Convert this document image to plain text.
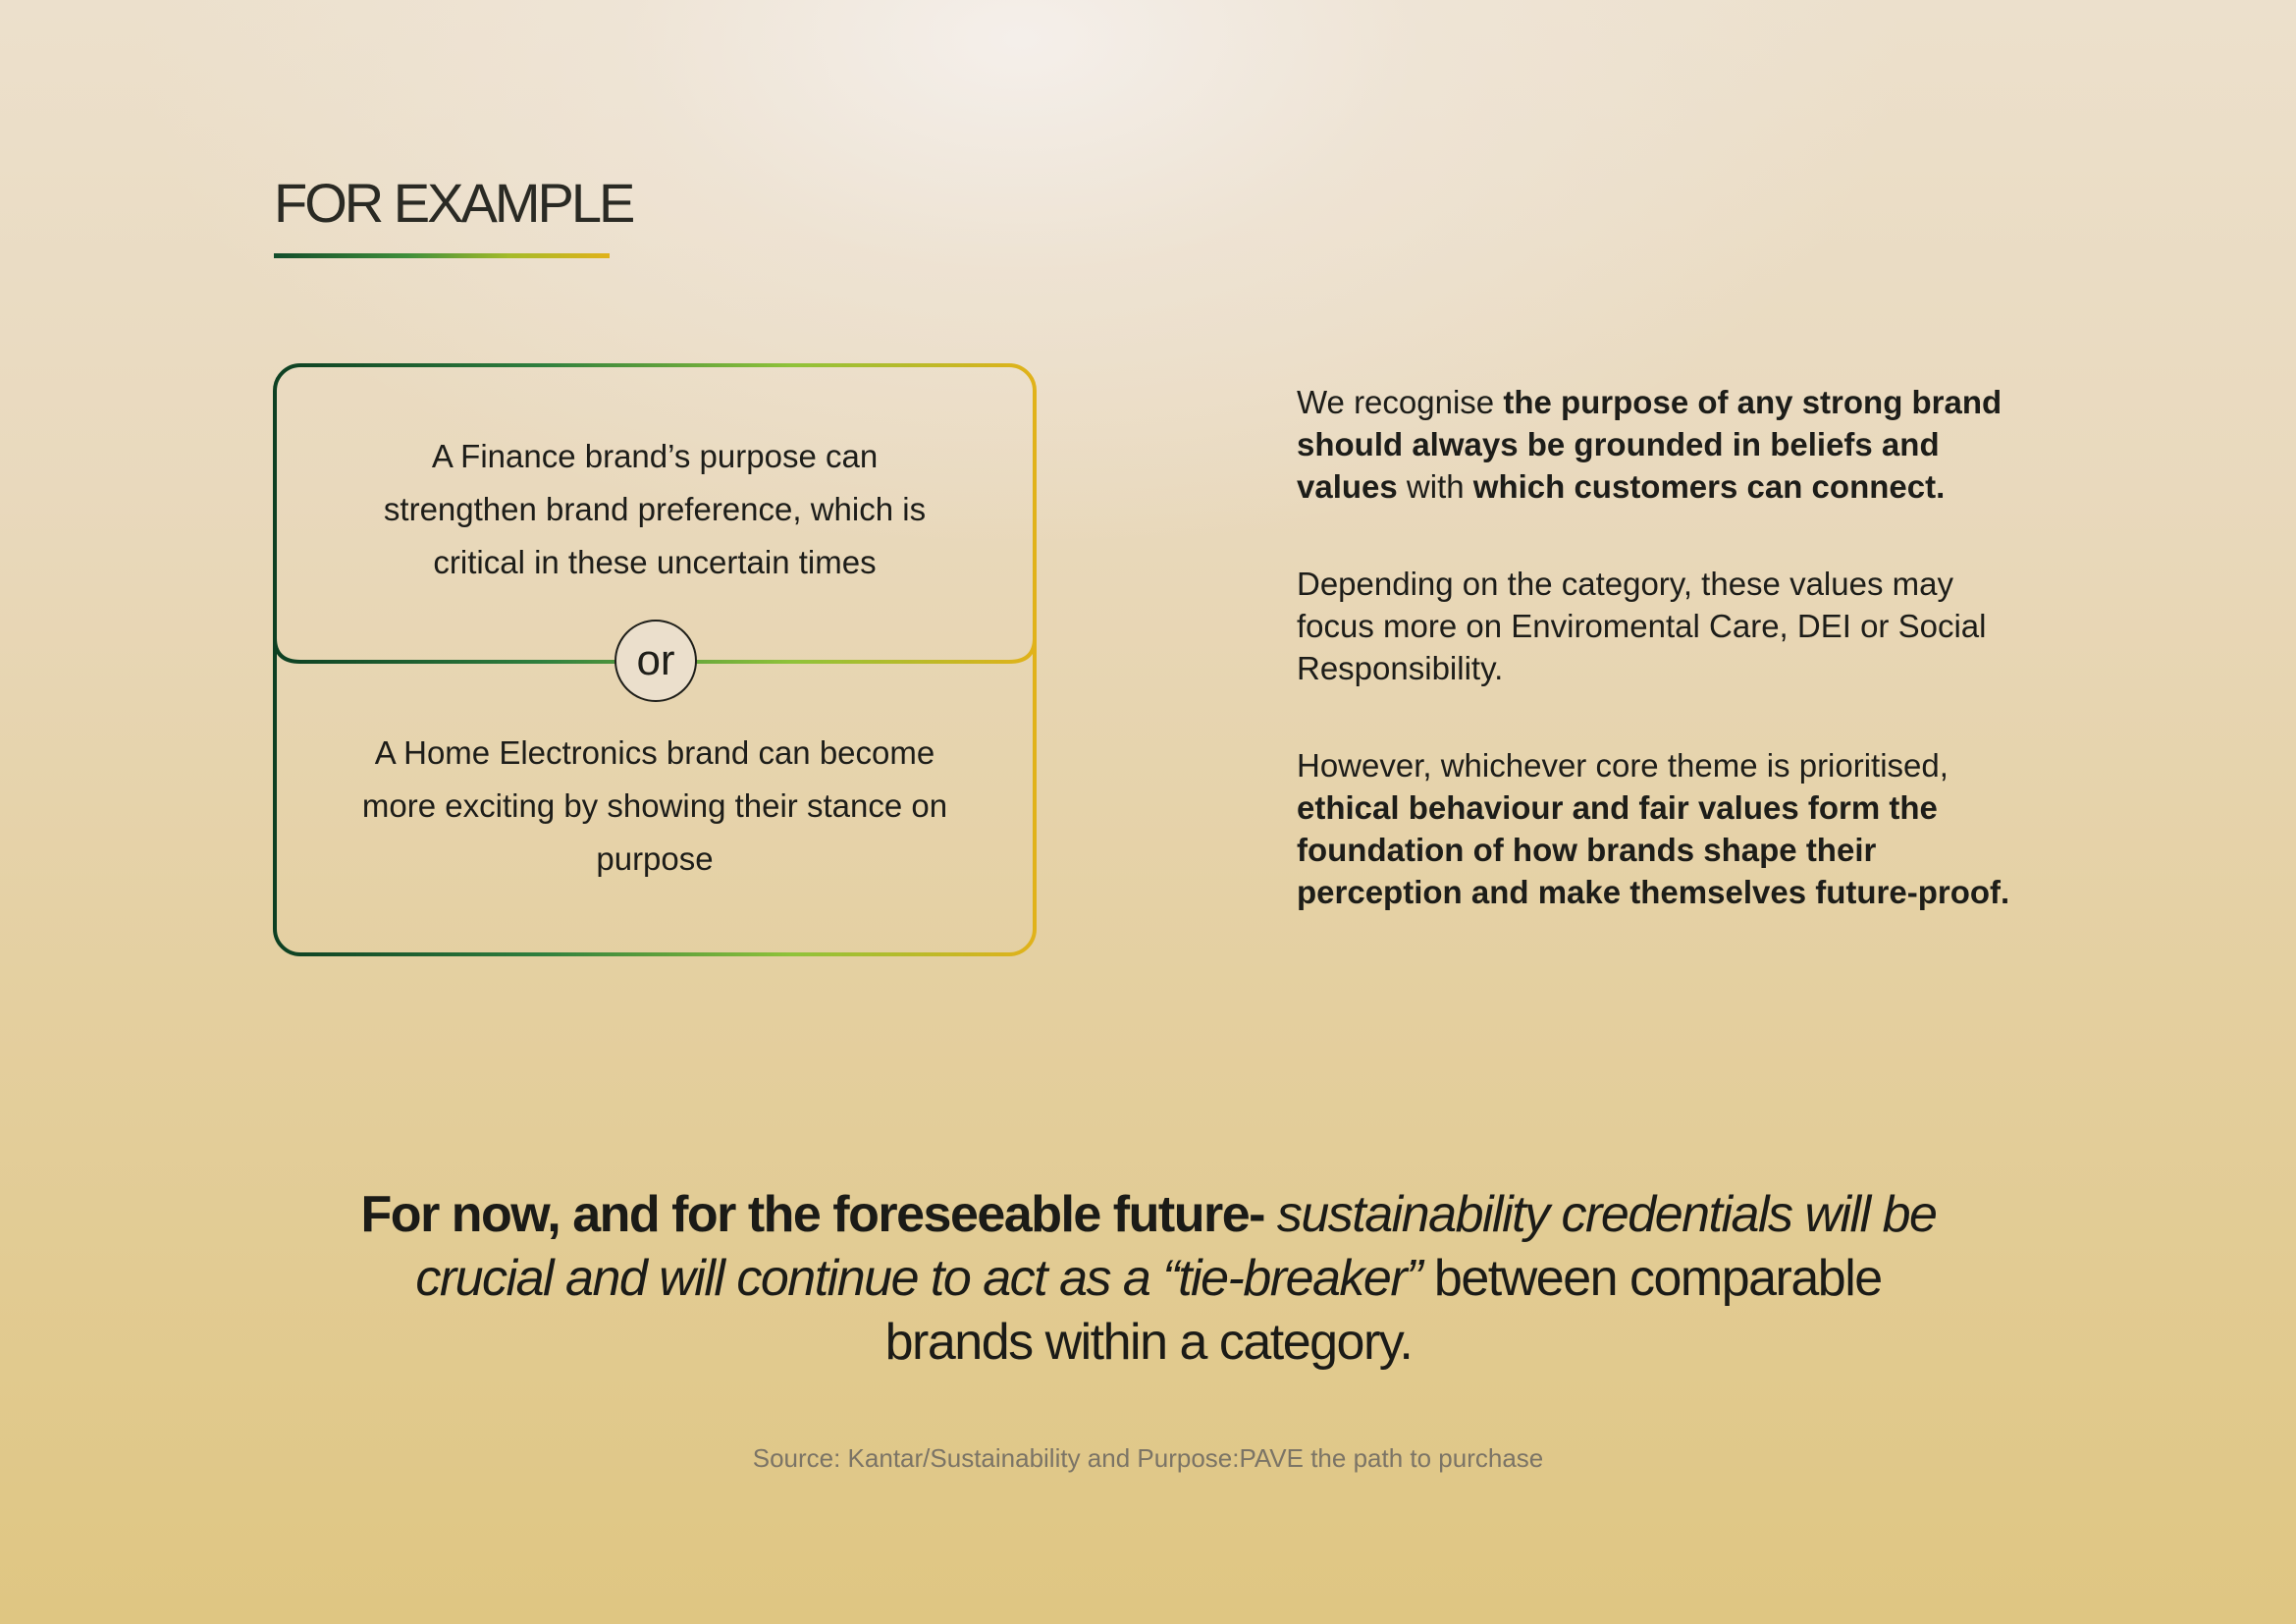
FOR EXAMPLE
A Finance brand’s purpose can strengthen brand preference, which is critical in these uncertain times
or
A Home Electronics brand can become more exciting by showing their stance on purpose

We recognise the purpose of any strong brand should always be grounded in beliefs and values with which customers can connect.

Depending on the category, these values may focus more on Enviromental Care, DEI or Social Responsibility.

However, whichever core theme is prioritised, ethical behaviour and fair values form the foundation of how brands shape their perception and make themselves future-proof.

For now, and for the foreseeable future- sustainability credentials will be crucial and will continue to act as a “tie-breaker” between comparable brands within a category.

Source: Kantar/Sustainability and Purpose:PAVE the path to purchase
